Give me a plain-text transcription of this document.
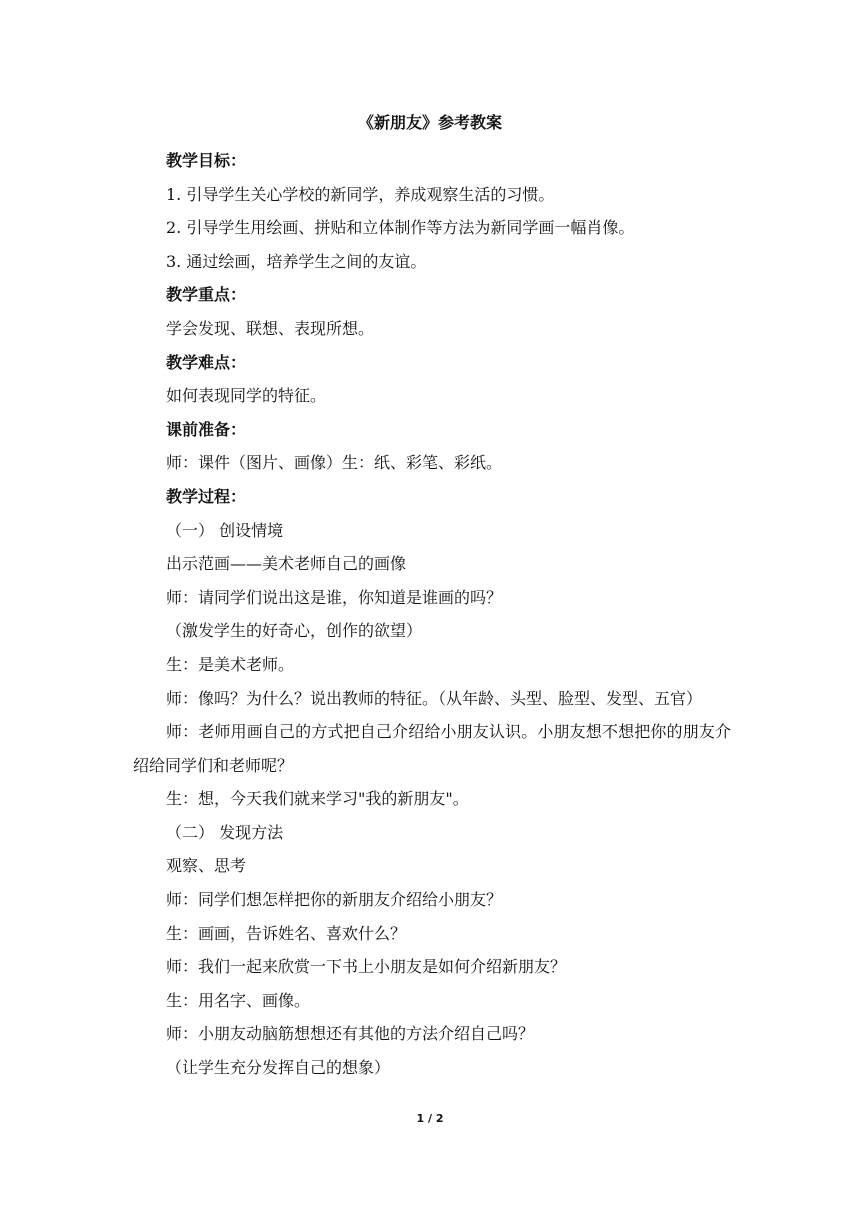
《新朋友》参考教案

教学目标：

1. 引导学生关心学校的新同学，养成观察生活的习惯。

2. 引导学生用绘画、拼贴和立体制作等方法为新同学画一幅肖像。

3. 通过绘画，培养学生之间的友谊。

教学重点：

学会发现、联想、表现所想。

教学难点：

如何表现同学的特征。

课前准备：

师：课件（图片、画像）生：纸、彩笔、彩纸。

教学过程：

（一） 创设情境

出示范画——美术老师自己的画像

师：请同学们说出这是谁，你知道是谁画的吗？

（激发学生的好奇心，创作的欲望）

生：是美术老师。

师：像吗？为什么？说出教师的特征。（从年龄、头型、脸型、发型、五官）

师：老师用画自己的方式把自己介绍给小朋友认识。小朋友想不想把你的朋友介绍给同学们和老师呢？

生：想，今天我们就来学习"我的新朋友"。

（二） 发现方法

观察、思考

师：同学们想怎样把你的新朋友介绍给小朋友？

生：画画，告诉姓名、喜欢什么？

师：我们一起来欣赏一下书上小朋友是如何介绍新朋友？

生：用名字、画像。

师：小朋友动脑筋想想还有其他的方法介绍自己吗？

（让学生充分发挥自己的想象）

1 / 2
